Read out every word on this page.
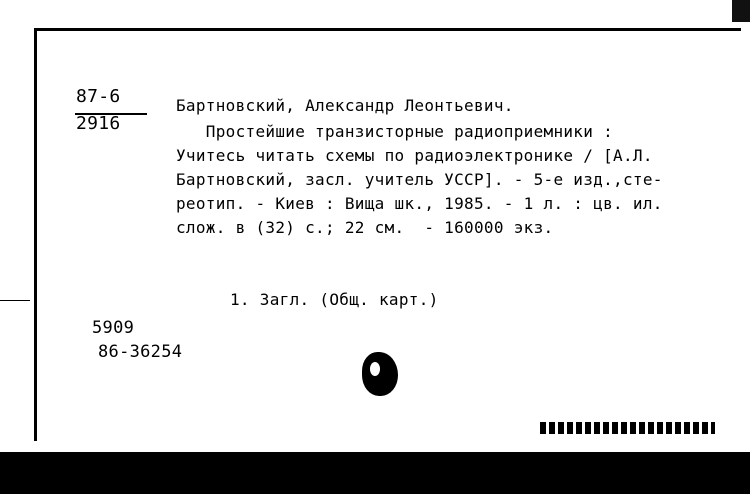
87-6
2916
Бартновский, Александр Леонтьевич.
Простейшие транзисторные радиоприемники :
Учитесь читать схемы по радиоэлектронике / [А.Л.
Бартновский, засл. учитель УССР]. - 5-е изд.,сте-
реотип. - Киев : Вища шк., 1985. - 1 л. : цв. ил.
слож. в (32) с.; 22 см.  - 160000 экз.
1. Загл. (Общ. карт.)
5909
86-36254
